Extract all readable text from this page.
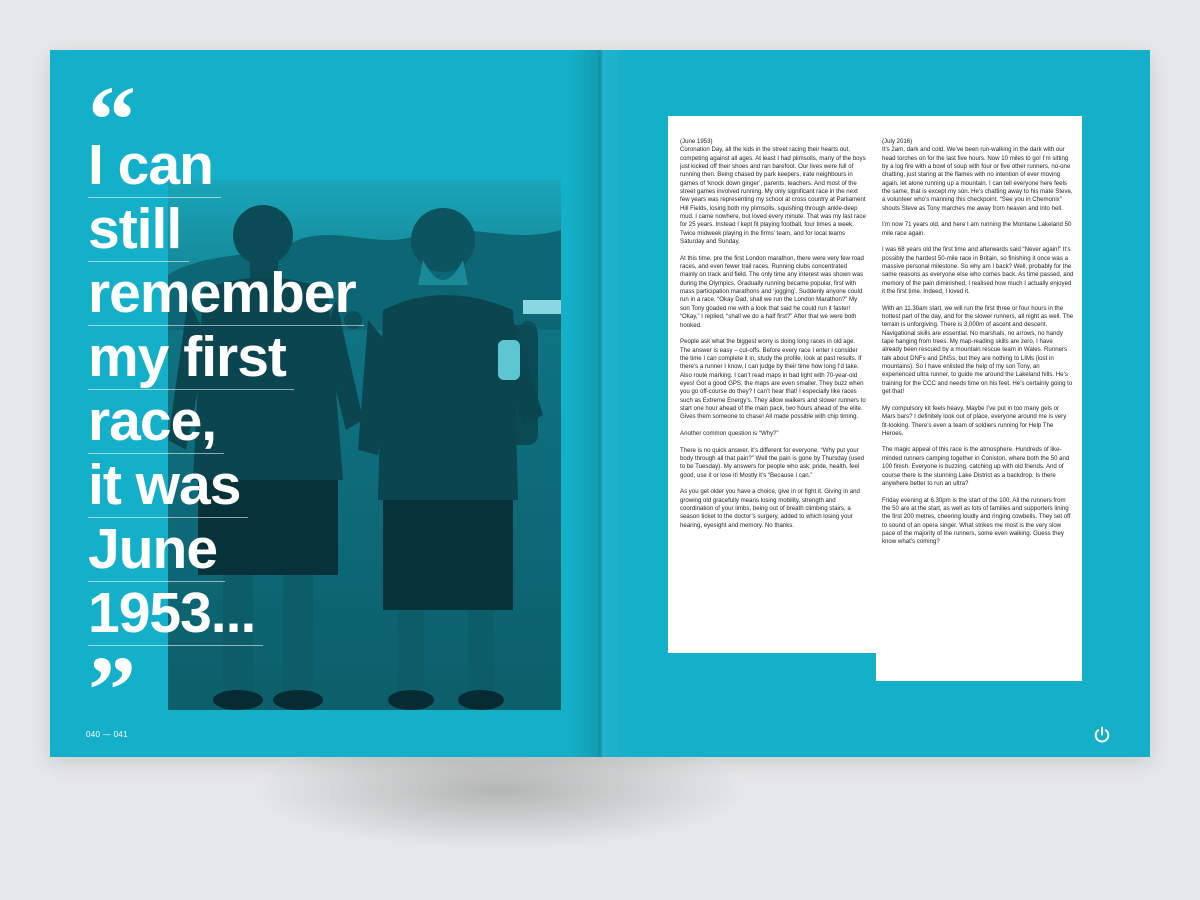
I can
still
remember
my first
race,
it was
June
1953...
040 — 041

(June 1953)

Coronation Day, all the kids in the street racing their hearts out, competing against all ages. At least I had plimsolls, many of the boys just kicked off their shoes and ran barefoot. Our lives were full of running then. Being chased by park keepers, irate neighbours in games of ‘knock down ginger’, parents, teachers. And most of the street games involved running. My only significant race in the next few years was representing my school at cross country at Parliament Hill Fields, losing both my plimsolls, squishing through ankle-deep mud. I came nowhere, but loved every minute. That was my last race for 25 years. Instead I kept fit playing football, four times a week. Twice midweek playing in the firms’ team, and for local teams Saturday and Sunday.

At this time, pre the first London marathon, there were very few road races, and even fewer trail races. Running clubs concentrated mainly on track and field. The only time any interest was shown was during the Olympics. Gradually running became popular, first with mass participation marathons and ‘jogging’. Suddenly anyone could run in a race. “Okay Dad, shall we run the London Marathon?” My son Tony goaded me with a look that said he could run it faster! “Okay,” I replied, “shall we do a half first?” After that we were both hooked.

People ask what the biggest worry is doing long races in old age. The answer is easy – cut-offs. Before every race I enter I consider the time I can complete it in, study the profile, look at past results. If there’s a runner I know, I can judge by their time how long I’d take. Also route marking. I can’t read maps in bad light with 70-year-old eyes! Got a good GPS, the maps are even smaller. They buzz when you go off-course do they? I can’t hear that! I especially like races such as Extreme Energy’s. They allow walkers and slower runners to start one hour ahead of the main pack, two hours ahead of the elite. Gives them someone to chase! All made possible with chip timing.

Another common question is “Why?”

There is no quick answer, it’s different for everyone. “Why put your body through all that pain?” Well the pain is gone by Thursday (used to be Tuesday). My answers for people who ask: pride, health, feel good, use it or lose it! Mostly it’s “Because I can.”

As you get older you have a choice, give in or fight it. Giving in and growing old gracefully means losing mobility, strength and coordination of your limbs, being out of breath climbing stairs, a season ticket to the doctor’s surgery, added to which losing your hearing, eyesight and memory. No thanks.

(July 2016)

It’s 2am, dark and cold. We’ve been run-walking in the dark with our head torches on for the last five hours. Now 10 miles to go! I’m sitting by a log fire with a bowl of soup with four or five other runners, no-one chatting, just staring at the flames with no intention of ever moving again, let alone running up a mountain. I can tell everyone here feels the same, that is except my son. He’s chatting away to his mate Steve, a volunteer who’s manning this checkpoint. “See you in Chemonix” shouts Steve as Tony marches me away from heaven and into hell.

I’m now 71 years old, and here I am running the Montane Lakeland 50 mile race again.

I was 68 years old the first time and afterwards said “Never again!” It’s possibly the hardest 50-mile race in Britain, so finishing it once was a massive personal milestone. So why am I back? Well, probably for the same reasons as everyone else who comes back. As time passed, and memory of the pain diminished, I realised how much I actually enjoyed it the first time. Indeed, I loved it.

With an 11.30am start, we will run the first three or four hours in the hottest part of the day, and for the slower runners, all night as well. The terrain is unforgiving. There is 3,000m of ascent and descent. Navigational skills are essential. No marshals, no arrows, no handy tape hanging from trees. My map-reading skills are zero, I have already been rescued by a mountain rescue team in Wales. Runners talk about DNFs and DNSs, but they are nothing to LIMs (lost in mountains). So I have enlisted the help of my son Tony, an experienced ultra runner, to guide me around the Lakeland hills. He’s training for the CCC and needs time on his feet. He’s certainly going to get that!

My compulsory kit feels heavy. Maybe I’ve put in too many gels or Mars bars? I definitely look out of place, everyone around me is very fit-looking. There’s even a team of soldiers running for Help The Heroes.

The magic appeal of this race is the atmosphere. Hundreds of like-minded runners camping together in Coniston, where both the 50 and 100 finish. Everyone is buzzing, catching up with old friends. And of course there is the stunning Lake District as a backdrop. Is there anywhere better to run an ultra?

Friday evening at 6.30pm is the start of the 100. All the runners from the 50 are at the start, as well as lots of families and supporters lining the first 200 metres, cheering loudly and ringing cowbells. They set off to sound of an opera singer. What strikes me most is the very slow pace of the majority of the runners, some even walking. Guess they know what’s coming?
